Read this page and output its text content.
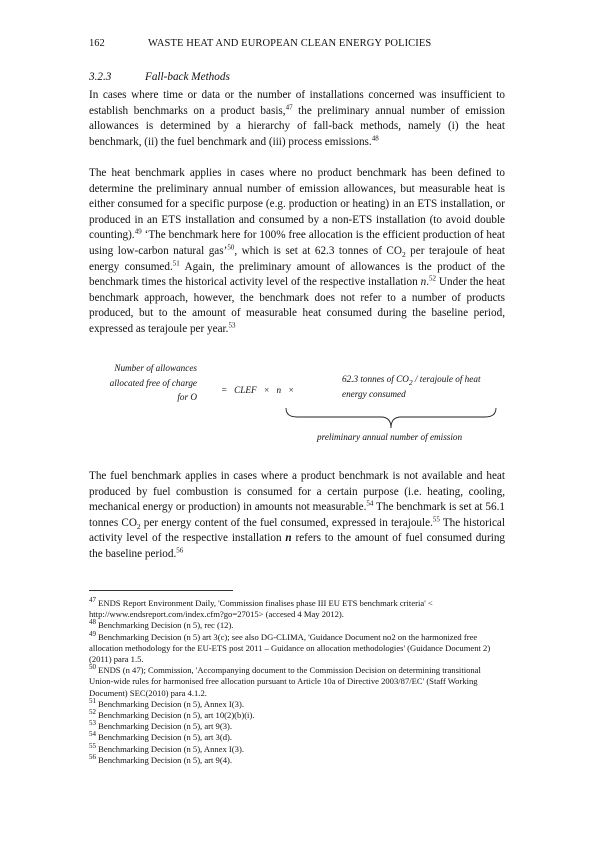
162	WASTE HEAT AND EUROPEAN CLEAN ENERGY POLICIES
3.2.3	Fall-back Methods

In cases where time or data or the number of installations concerned was insufficient to establish benchmarks on a product basis,$^{47}$ the preliminary annual number of emission allowances is determined by a hierarchy of fall-back methods, namely (i) the heat benchmark, (ii) the fuel benchmark and (iii) process emissions.$^{48}$

The heat benchmark applies in cases where no product benchmark has been defined to determine the preliminary annual number of emission allowances, but measurable heat is either consumed for a specific purpose (e.g. production or heating) in an ETS installation, or produced in an ETS installation and consumed by a non-ETS installation (to avoid double counting).$^{49}$ ‘The benchmark here for 100% free allocation is the efficient production of heat using low-carbon natural gas’$^{50}$, which is set at 62.3 tonnes of $CO_2$ per terajoule of heat energy consumed.$^{51}$ Again, the preliminary amount of allowances is the product of the benchmark times the historical activity level of the respective installation n.$^{52}$ Under the heat benchmark approach, however, the benchmark does not refer to a number of products produced, but to the amount of measurable heat consumed during the baseline period, expressed as terajoule per year.$^{53}$

Number of allowances
allocated free of charge
for O
=   CLEF   ×   n   ×
62.3 tonnes of $CO_2$ / terajoule of heat energy consumed
preliminary annual number of emission

The fuel benchmark applies in cases where a product benchmark is not available and heat produced by fuel combustion is consumed for a certain purpose (i.e. heating, cooling, mechanical energy or production) in amounts not measurable.$^{54}$ The benchmark is set at 56.1 tonnes $CO_2$ per energy content of the fuel consumed, expressed in terajoule.$^{55}$ The historical activity level of the respective installation n refers to the amount of fuel consumed during the baseline period.$^{56}$

$^{47}$ ENDS Report Environment Daily, 'Commission finalises phase III EU ETS benchmark criteria' < http://www.endsreport.com/index.cfm?go=27015> (accesed 4 May 2012).

$^{48}$ Benchmarking Decision (n 5), rec (12).

$^{49}$ Benchmarking Decision (n 5) art 3(c); see also DG-CLIMA, 'Guidance Document no2 on the harmonized free allocation methodology for the EU-ETS post 2011 – Guidance on allocation methodologies' (Guidance Document 2) (2011) para 1.5.

$^{50}$ ENDS (n 47); Commission, 'Accompanying document to the Commission Decision on determining transitional Union-wide rules for harmonised free allocation pursuant to Article 10a of Directive 2003/87/EC' (Staff Working Document) SEC(2010) para 4.1.2.

$^{51}$ Benchmarking Decision (n 5), Annex I(3).

$^{52}$ Benchmarking Decision (n 5), art 10(2)(b)(i).

$^{53}$ Benchmarking Decision (n 5), art 9(3).

$^{54}$ Benchmarking Decision (n 5), art 3(d).

$^{55}$ Benchmarking Decision (n 5), Annex I(3).

$^{56}$ Benchmarking Decision (n 5), art 9(4).
